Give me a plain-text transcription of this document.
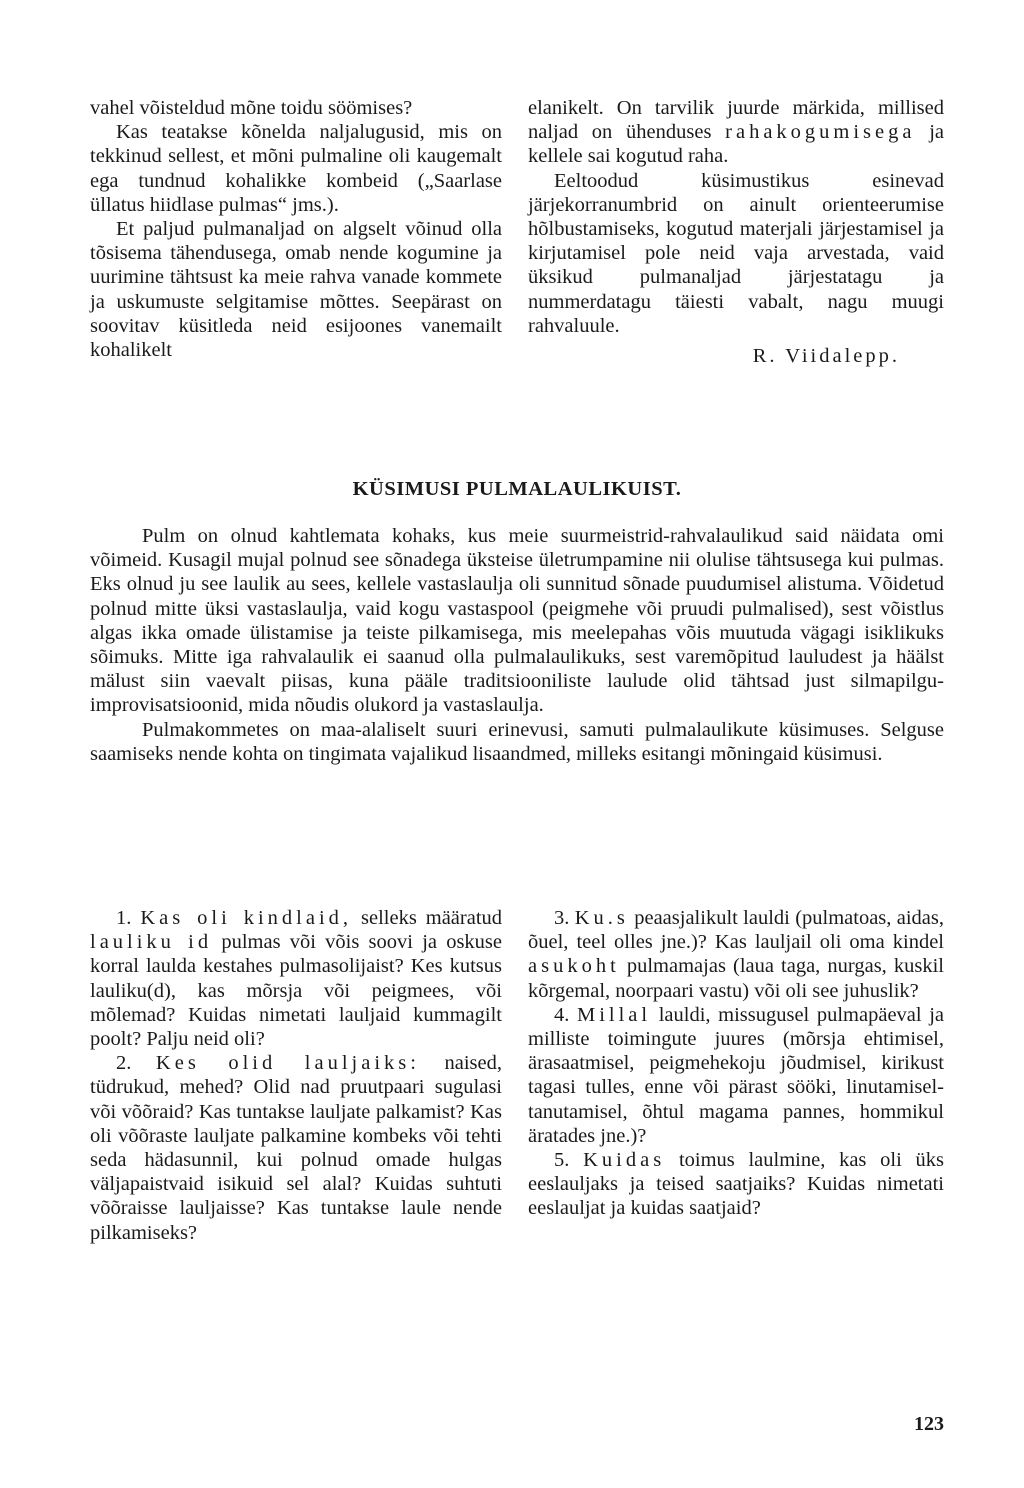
vahel võisteldud mõne toidu söömises?

Kas teatakse kõnelda naljalugusid, mis on tekkinud sellest, et mõni pulmaline oli kaugemalt ega tundnud kohalikke kombeid („Saarlase üllatus hiidlase pulmas“ jms.).

Et paljud pulmanaljad on algselt võinud olla tõsisema tähendusega, omab nende kogumine ja uurimine tähtsust ka meie rahva vanade kommete ja uskumuste selgitamise mõttes. Seepärast on soovitav küsitleda neid esijoones vanemailt kohalikelt

elanikelt. On tarvilik juurde märkida, millised naljad on ühenduses rahakogumisega ja kellele sai kogutud raha.

Eeltoodud küsimustikus esinevad järjekorranumbrid on ainult orienteerumise hõlbustamiseks, kogutud materjali järjestamisel ja kirjutamisel pole neid vaja arvestada, vaid üksikud pulmanaljad järjestatagu ja nummerdatagu täiesti vabalt, nagu muugi rahvaluule.

R. Viidalepp.
KÜSIMUSI PULMALAULIKUIST.

Pulm on olnud kahtlemata kohaks, kus meie suurmeistrid-rahvalaulikud said näidata omi võimeid. Kusagil mujal polnud see sõnadega üksteise ületrumpamine nii olulise tähtsusega kui pulmas. Eks olnud ju see laulik au sees, kellele vastaslaulja oli sunnitud sõnade puudumisel alistuma. Võidetud polnud mitte üksi vastaslaulja, vaid kogu vastaspool (peigmehe või pruudi pulmalised), sest võistlus algas ikka omade ülistamise ja teiste pilkamisega, mis meelepahas võis muutuda vägagi isiklikuks sõimuks. Mitte iga rahvalaulik ei saanud olla pulmalaulikuks, sest varemõpitud lauludest ja häälst mälust siin vaevalt piisas, kuna pääle traditsiooniliste laulude olid tähtsad just silmapilgu-improvisatsioonid, mida nõudis olukord ja vastaslaulja.

Pulmakommetes on maa-alaliselt suuri erinevusi, samuti pulmalaulikute küsimuses. Selguse saamiseks nende kohta on tingimata vajalikud lisaandmed, milleks esitangi mõningaid küsimusi.

1. Kas oli kindlaid, selleks määratud lauliku id pulmas või võis soovi ja oskuse korral laulda kestahes pulmasolijaist? Kes kutsus lauliku(d), kas mõrsja või peigmees, või mõlemad? Kuidas nimetati lauljaid kummagilt poolt? Palju neid oli?

2. Kes olid lauljaiks: naised, tüdrukud, mehed? Olid nad pruutpaari sugulasi või võõraid? Kas tuntakse lauljate palkamist? Kas oli võõraste lauljate palkamine kombeks või tehti seda hädasunnil, kui polnud omade hulgas väljapaistvaid isikuid sel alal? Kuidas suhtuti võõraisse lauljaisse? Kas tuntakse laule nende pilkamiseks?

3. Ku.s peaasjalikult lauldi (pulmatoas, aidas, õuel, teel olles jne.)? Kas lauljail oli oma kindel asukoht pulmamajas (laua taga, nurgas, kuskil kõrgemal, noorpaari vastu) või oli see juhuslik?

4. Millal lauldi, missugusel pulmapäeval ja milliste toimingute juures (mõrsja ehtimisel, ärasaatmisel, peigmehekoju jõudmisel, kirikust tagasi tulles, enne või pärast sööki, linutamisel-tanutamisel, õhtul magama pannes, hommikul äratades jne.)?

5. Kuidas toimus laulmine, kas oli üks eeslauljaks ja teised saatjaiks? Kuidas nimetati eeslauljat ja kuidas saatjaid?

123
